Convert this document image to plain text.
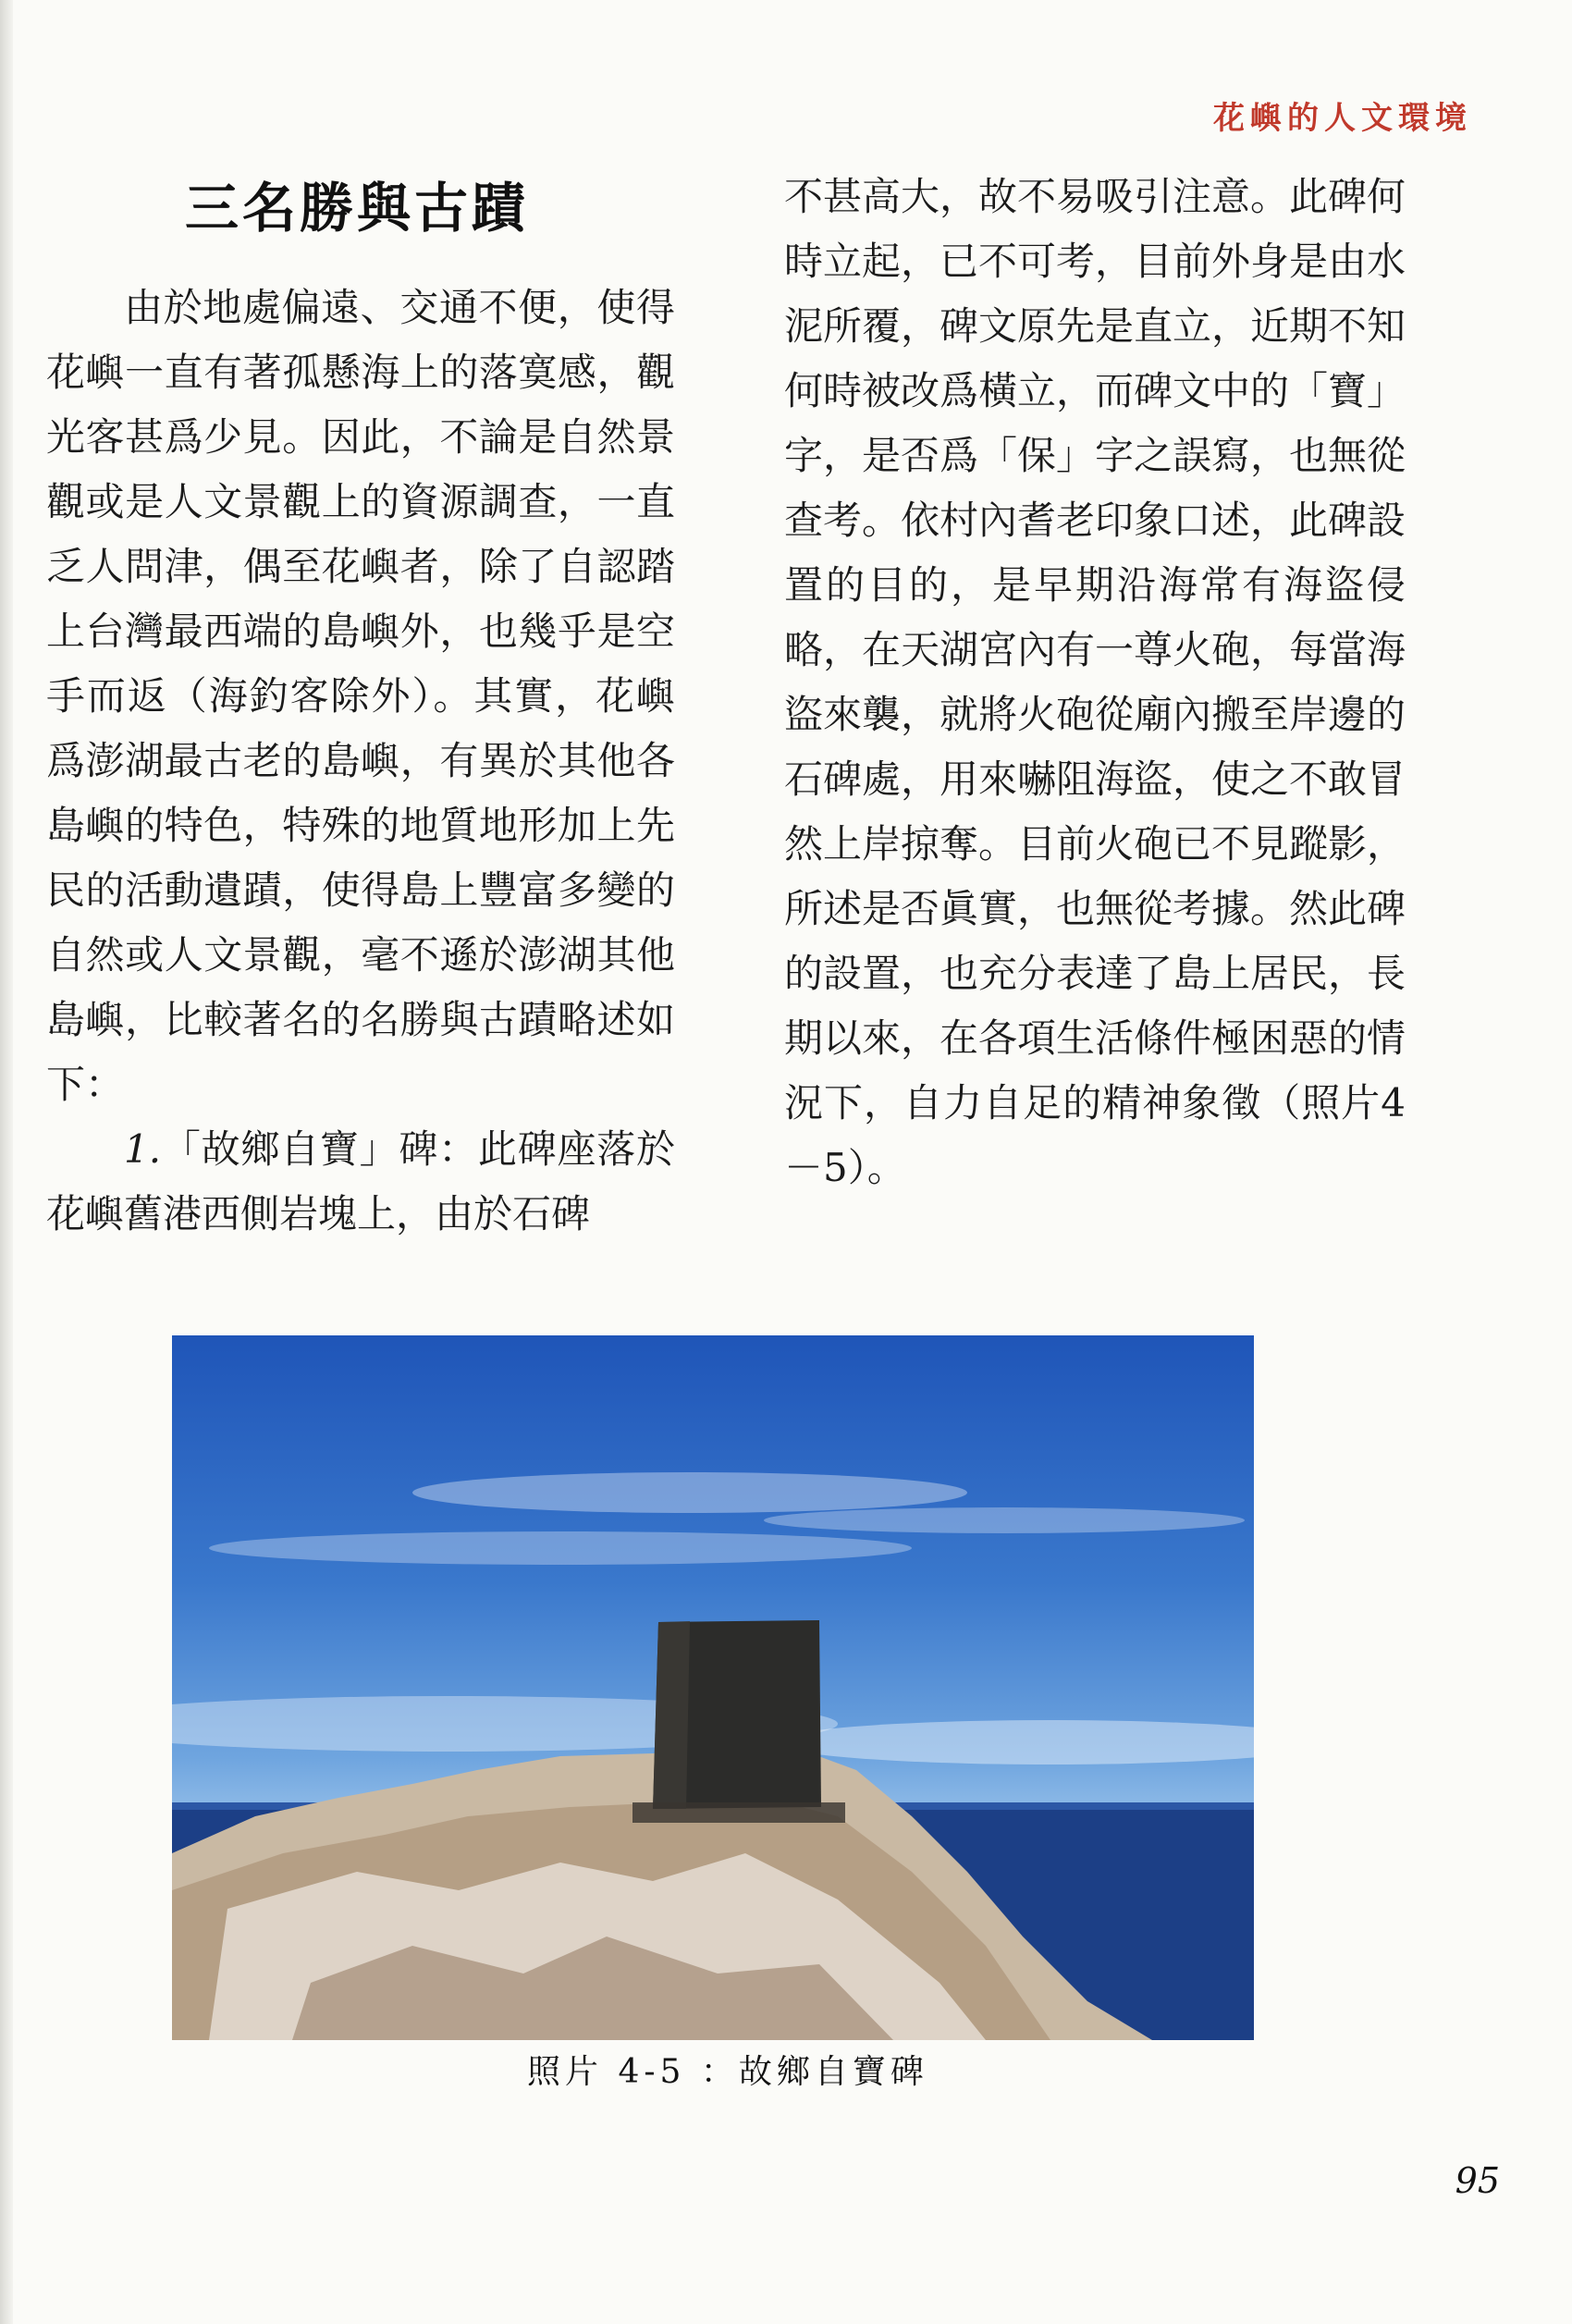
花嶼的人文環境
三名勝與古蹟

由於地處偏遠、交通不便，使得花嶼一直有著孤懸海上的落寞感，觀光客甚爲少見。因此，不論是自然景觀或是人文景觀上的資源調查，一直乏人問津，偶至花嶼者，除了自認踏上台灣最西端的島嶼外，也幾乎是空手而返（海釣客除外）。其實，花嶼爲澎湖最古老的島嶼，有異於其他各島嶼的特色，特殊的地質地形加上先民的活動遺蹟，使得島上豐富多變的自然或人文景觀，毫不遜於澎湖其他島嶼，比較著名的名勝與古蹟略述如下：

1.「故鄉自寶」碑：此碑座落於花嶼舊港西側岩塊上，由於石碑

不甚高大，故不易吸引注意。此碑何時立起，已不可考，目前外身是由水泥所覆，碑文原先是直立，近期不知何時被改爲橫立，而碑文中的「寶」字，是否爲「保」字之誤寫，也無從查考。依村內耆老印象口述，此碑設置的目的，是早期沿海常有海盜侵略，在天湖宮內有一尊火砲，每當海盜來襲，就將火砲從廟內搬至岸邊的石碑處，用來嚇阻海盜，使之不敢冒然上岸掠奪。目前火砲已不見蹤影，所述是否眞實，也無從考據。然此碑的設置，也充分表達了島上居民，長期以來，在各項生活條件極困惡的情況下，自力自足的精神象徵（照片4－5）。

照片 4-5 ：故鄉自寶碑
95
